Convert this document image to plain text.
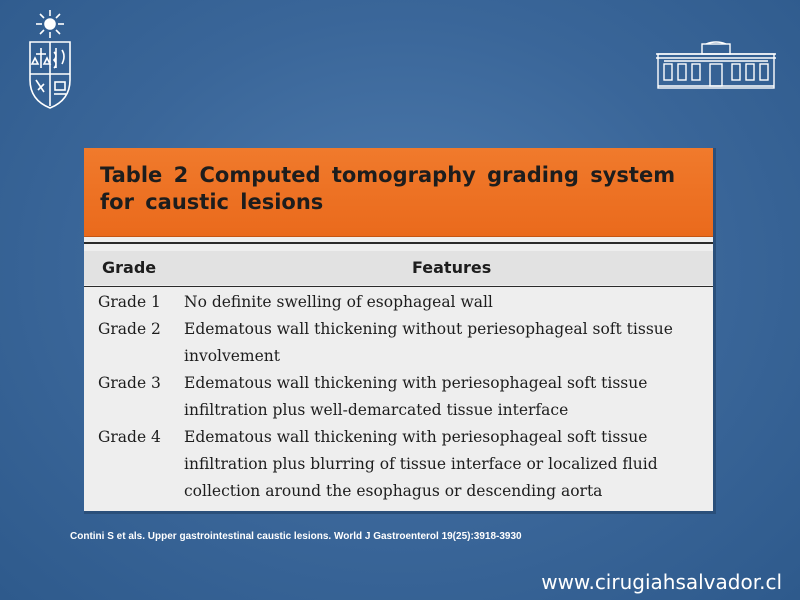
Table 2 Computed tomography grading system for caustic lesions
Grade	Features
Grade 1	No definite swelling of esophageal wall
Grade 2	Edematous wall thickening without periesophageal soft tissue involvement
Grade 3	Edematous wall thickening with periesophageal soft tissue infiltration plus well-demarcated tissue interface
Grade 4	Edematous wall thickening with periesophageal soft tissue infiltration plus blurring of tissue interface or localized fluid collection around the esophagus or descending aorta
Contini S et als. Upper gastrointestinal caustic lesions. World J Gastroenterol 19(25):3918-3930
www.cirugiahsalvador.cl
